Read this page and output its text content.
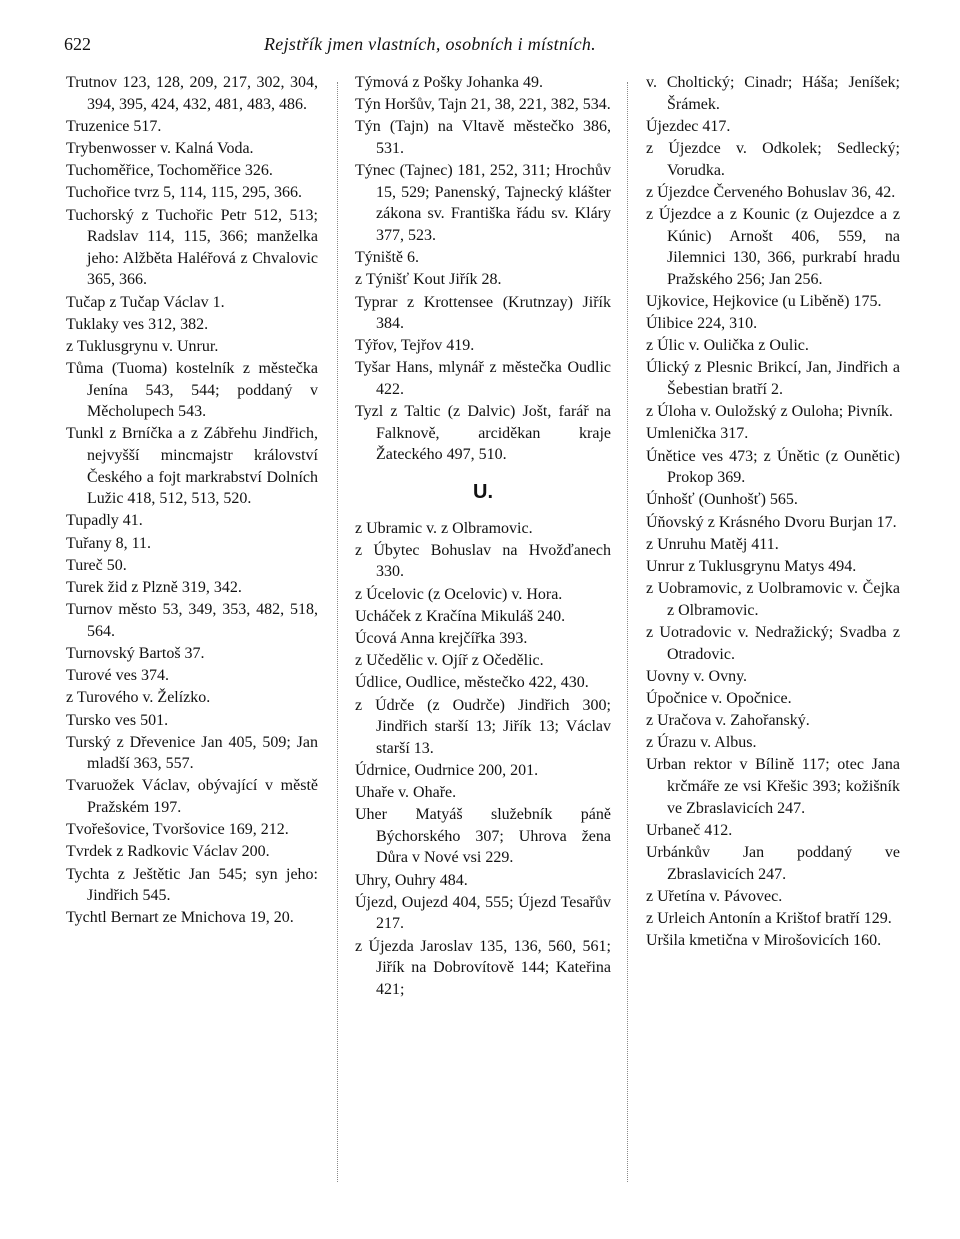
622	Rejstřík jmen vlastních, osobních i místních.

Trutnov 123, 128, 209, 217, 302, 304, 394, 395, 424, 432, 481, 483, 486.

Truzenice 517.

Trybenwosser v. Kalná Voda.

Tuchoměřice, Tochoměřice 326.

Tuchořice tvrz 5, 114, 115, 295, 366.

Tuchorský z Tuchořic Petr 512, 513; Radslav 114, 115, 366; manželka jeho: Alžběta Haléřová z Chvalovic 365, 366.

Tučap z Tučap Václav 1.

Tuklaky ves 312, 382.

z Tuklusgrynu v. Unrur.

Tůma (Tuoma) kostelník z městečka Jenína 543, 544; poddaný v Měcholupech 543.

Tunkl z Brníčka a z Zábřehu Jindřich, nejvyšší mincmajstr království Českého a fojt markrabství Dolních Lužic 418, 512, 513, 520.

Tupadly 41.

Tuřany 8, 11.

Tureč 50.

Turek žid z Plzně 319, 342.

Turnov město 53, 349, 353, 482, 518, 564.

Turnovský Bartoš 37.

Turové ves 374.

z Turového v. Želízko.

Tursko ves 501.

Turský z Dřevenice Jan 405, 509; Jan mladší 363, 557.

Tvaruožek Václav, obývající v městě Pražském 197.

Tvořešovice, Tvoršovice 169, 212.

Tvrdek z Radkovic Václav 200.

Tychta z Ještětic Jan 545; syn jeho: Jindřich 545.

Tychtl Bernart ze Mnichova 19, 20.

Týmová z Pošky Johanka 49.

Týn Horšův, Tajn 21, 38, 221, 382, 534.

Týn (Tajn) na Vltavě městečko 386, 531.

Týnec (Tajnec) 181, 252, 311; Hrochův 15, 529; Panenský, Tajnecký klášter zákona sv. Františka řádu sv. Kláry 377, 523.

Týniště 6.

z Týnišť Kout Jiřík 28.

Typrar z Krottensee (Krutnzay) Jiřík 384.

Týřov, Tejřov 419.

Tyšar Hans, mlynář z městečka Oudlic 422.

Tyzl z Taltic (z Dalvic) Jošt, farář na Falknově, arciděkan kraje Žateckého 497, 510.

U.

z Ubramic v. z Olbramovic.

z Úbytec Bohuslav na Hvožďanech 330.

z Úcelovic (z Ocelovic) v. Hora.

Ucháček z Kračína Mikuláš 240.

Úcová Anna krejčířka 393.

z Učedělic v. Ojíř z Očedělic.

Údlice, Oudlice, městečko 422, 430.

z Údrče (z Oudrče) Jindřich 300; Jindřich starší 13; Jiřík 13; Václav starší 13.

Údrnice, Oudrnice 200, 201.

Uhaře v. Ohaře.

Uher Matyáš služebník páně Býchorského 307; Uhrova žena Důra v Nové vsi 229.

Uhry, Ouhry 484.

Újezd, Oujezd 404, 555; Újezd Tesařův 217.

z Újezda Jaroslav 135, 136, 560, 561; Jiřík na Dobrovítově 144; Kateřina 421;

v. Choltický; Cinadr; Háša; Jeníšek; Šrámek.

Újezdec 417.

z Újezdce v. Odkolek; Sedlecký; Vorudka.

z Újezdce Červeného Bohuslav 36, 42.

z Újezdce a z Kounic (z Oujezdce a z Kúnic) Arnošt 406, 559, na Jilemnici 130, 366, purkrabí hradu Pražského 256; Jan 256.

Ujkovice, Hejkovice (u Liběně) 175.

Úlibice 224, 310.

z Úlic v. Oulička z Oulic.

Úlický z Plesnic Brikcí, Jan, Jindřich a Šebestian bratří 2.

z Úloha v. Ouložský z Ouloha; Pivník.

Umlenička 317.

Únětice ves 473; z Únětic (z Ounětic) Prokop 369.

Únhošť (Ounhošť) 565.

Úňovský z Krásného Dvoru Burjan 17.

z Unruhu Matěj 411.

Unrur z Tuklusgrynu Matys 494.

z Uobramovic, z Uolbramovic v. Čejka z Olbramovic.

z Uotradovic v. Nedražický; Svadba z Otradovic.

Uovny v. Ovny.

Úpočnice v. Opočnice.

z Uračova v. Zahořanský.

z Úrazu v. Albus.

Urban rektor v Bílině 117; otec Jana krčmáře ze vsi Křešic 393; kožišník ve Zbraslavicích 247.

Urbaneč 412.

Urbánkův Jan poddaný ve Zbraslavicích 247.

z Uřetína v. Pávovec.

z Urleich Antonín a Krištof bratří 129.

Uršila kmetična v Mirošovicích 160.
